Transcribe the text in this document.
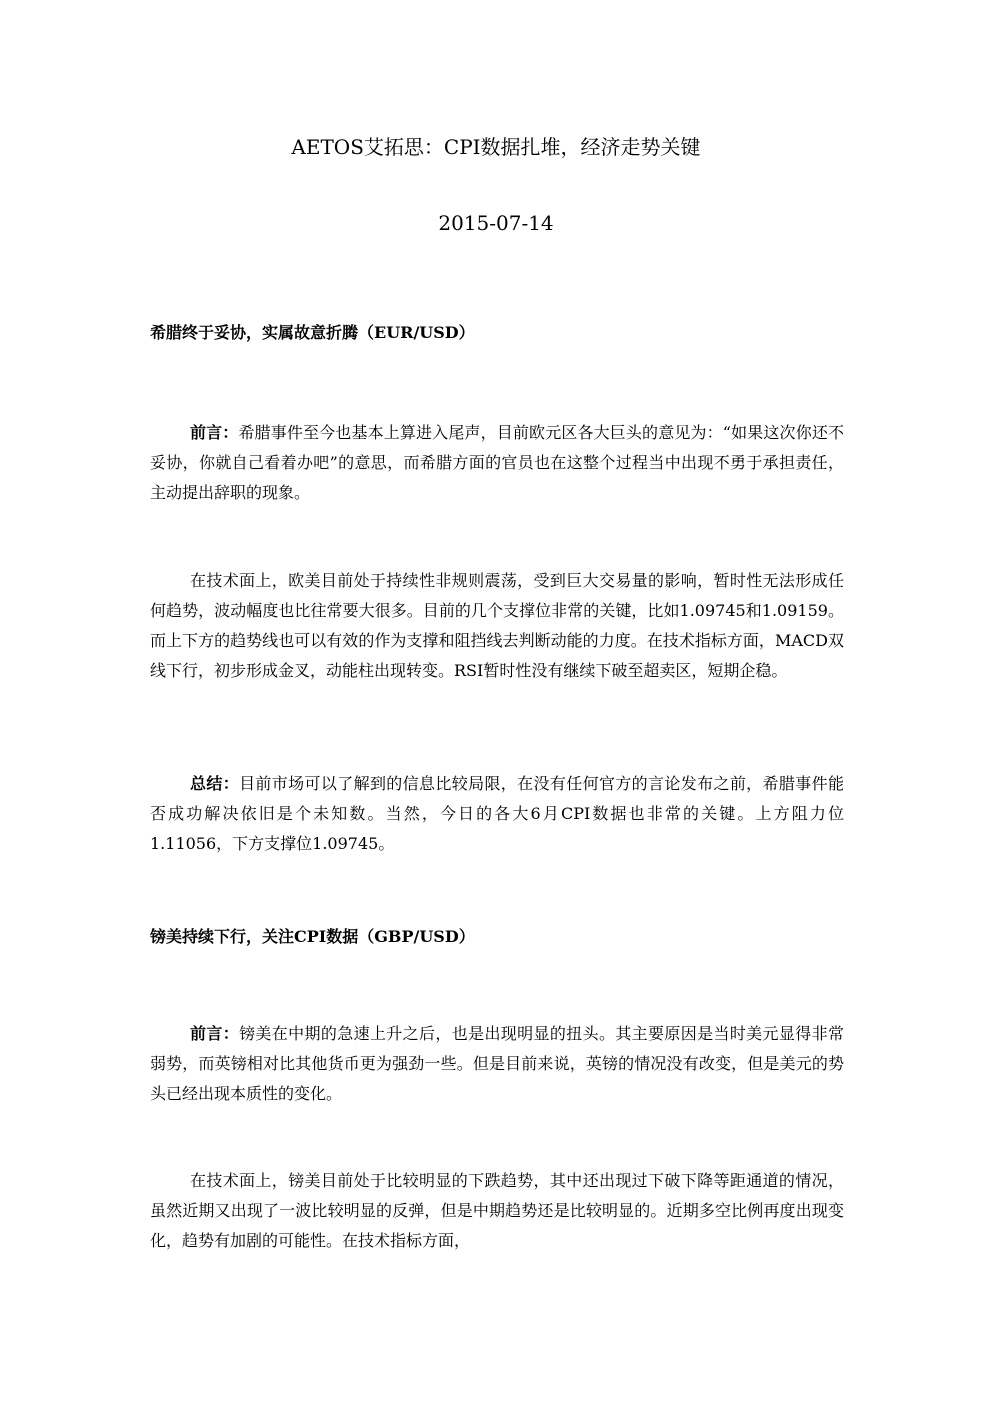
AETOS艾拓思：CPI数据扎堆，经济走势关键
2015-07-14
希腊终于妥协，实属故意折腾（EUR/USD）

前言：希腊事件至今也基本上算进入尾声，目前欧元区各大巨头的意见为：“如果这次你还不妥协，你就自己看着办吧”的意思，而希腊方面的官员也在这整个过程当中出现不勇于承担责任，主动提出辞职的现象。

在技术面上，欧美目前处于持续性非规则震荡，受到巨大交易量的影响，暂时性无法形成任何趋势，波动幅度也比往常要大很多。目前的几个支撑位非常的关键，比如1.09745和1.09159。而上下方的趋势线也可以有效的作为支撑和阻挡线去判断动能的力度。在技术指标方面，MACD双线下行，初步形成金叉，动能柱出现转变。RSI暂时性没有继续下破至超卖区，短期企稳。

总结：目前市场可以了解到的信息比较局限，在没有任何官方的言论发布之前，希腊事件能否成功解决依旧是个未知数。当然，今日的各大6月CPI数据也非常的关键。上方阻力位1.11056，下方支撑位1.09745。

镑美持续下行，关注CPI数据（GBP/USD）

前言：镑美在中期的急速上升之后，也是出现明显的扭头。其主要原因是当时美元显得非常弱势，而英镑相对比其他货币更为强劲一些。但是目前来说，英镑的情况没有改变，但是美元的势头已经出现本质性的变化。

在技术面上，镑美目前处于比较明显的下跌趋势，其中还出现过下破下降等距通道的情况，虽然近期又出现了一波比较明显的反弹，但是中期趋势还是比较明显的。近期多空比例再度出现变化，趋势有加剧的可能性。在技术指标方面，
